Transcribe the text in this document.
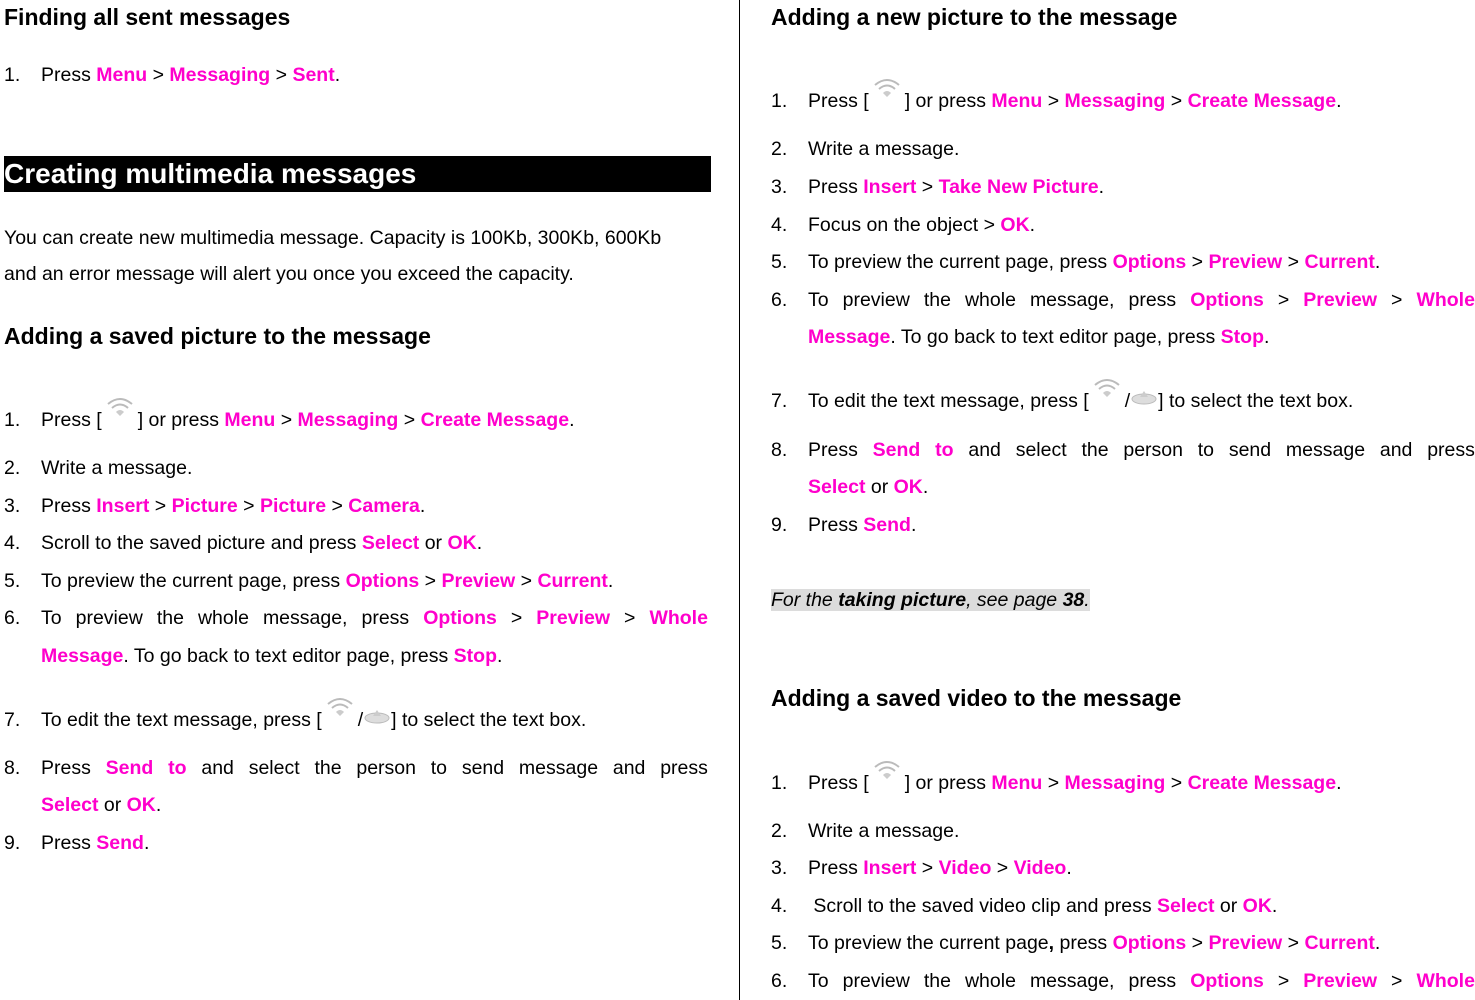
Finding all sent messages
1. Press Menu > Messaging > Sent.
Creating multimedia messages
You can create new multimedia message. Capacity is 100Kb, 300Kb, 600Kb
and an error message will alert you once you exceed the capacity.
Adding a saved picture to the message
1. Press [ ] or press Menu > Messaging > Create Message.
2. Write a message.
3. Press Insert > Picture > Picture > Camera.
4. Scroll to the saved picture and press Select or OK.
5. To preview the current page, press Options > Preview > Current.
6. To preview the whole message, press Options > Preview > Whole
Message. To go back to text editor page, press Stop.
7. To edit the text message, press [ / ] to select the text box.
8. Press Send to and select the person to send message and press
Select or OK.
9. Press Send.
Adding a new picture to the message
1. Press [ ] or press Menu > Messaging > Create Message.
2. Write a message.
3. Press Insert > Take New Picture.
4. Focus on the object > OK.
5. To preview the current page, press Options > Preview > Current.
6. To preview the whole message, press Options > Preview > Whole
Message. To go back to text editor page, press Stop.
7. To edit the text message, press [ / ] to select the text box.
8. Press Send to and select the person to send message and press
Select or OK.
9. Press Send.
For the taking picture, see page 38.
Adding a saved video to the message
1. Press [ ] or press Menu > Messaging > Create Message.
2. Write a message.
3. Press Insert > Video > Video.
4. Scroll to the saved video clip and press Select or OK.
5. To preview the current page, press Options > Preview > Current.
6. To preview the whole message, press Options > Preview > Whole
